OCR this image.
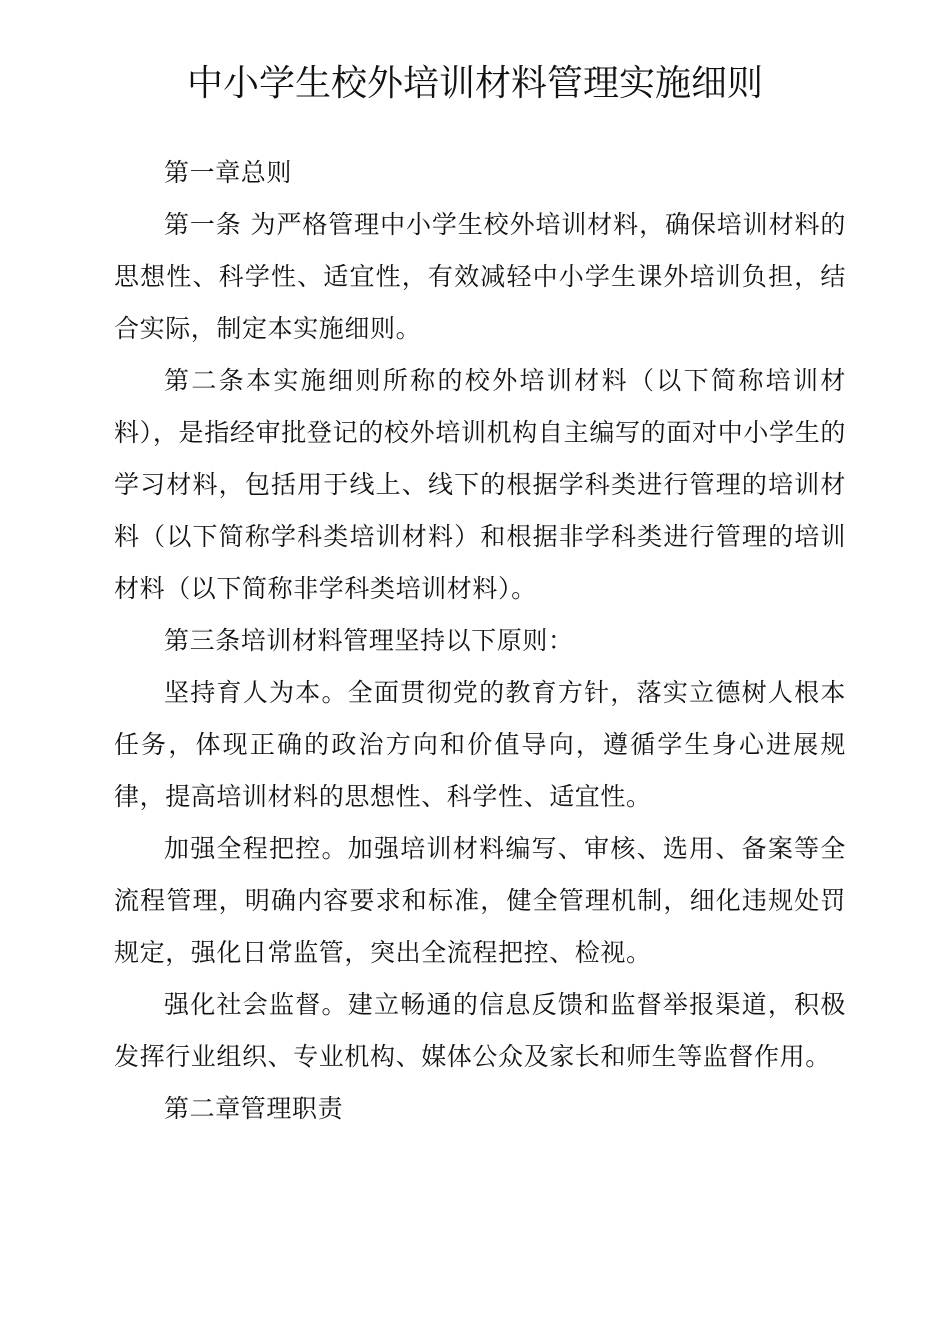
中小学生校外培训材料管理实施细则

第一章总则

第一条 为严格管理中小学生校外培训材料，确保培训材料的思想性、科学性、适宜性，有效减轻中小学生课外培训负担，结合实际，制定本实施细则。

第二条本实施细则所称的校外培训材料（以下简称培训材料），是指经审批登记的校外培训机构自主编写的面对中小学生的学习材料，包括用于线上、线下的根据学科类进行管理的培训材料（以下简称学科类培训材料）和根据非学科类进行管理的培训材料（以下简称非学科类培训材料）。

第三条培训材料管理坚持以下原则：

坚持育人为本。全面贯彻党的教育方针，落实立德树人根本任务，体现正确的政治方向和价值导向，遵循学生身心进展规律，提高培训材料的思想性、科学性、适宜性。

加强全程把控。加强培训材料编写、审核、选用、备案等全流程管理，明确内容要求和标准，健全管理机制，细化违规处罚规定，强化日常监管，突出全流程把控、检视。

强化社会监督。建立畅通的信息反馈和监督举报渠道，积极发挥行业组织、专业机构、媒体公众及家长和师生等监督作用。

第二章管理职责
